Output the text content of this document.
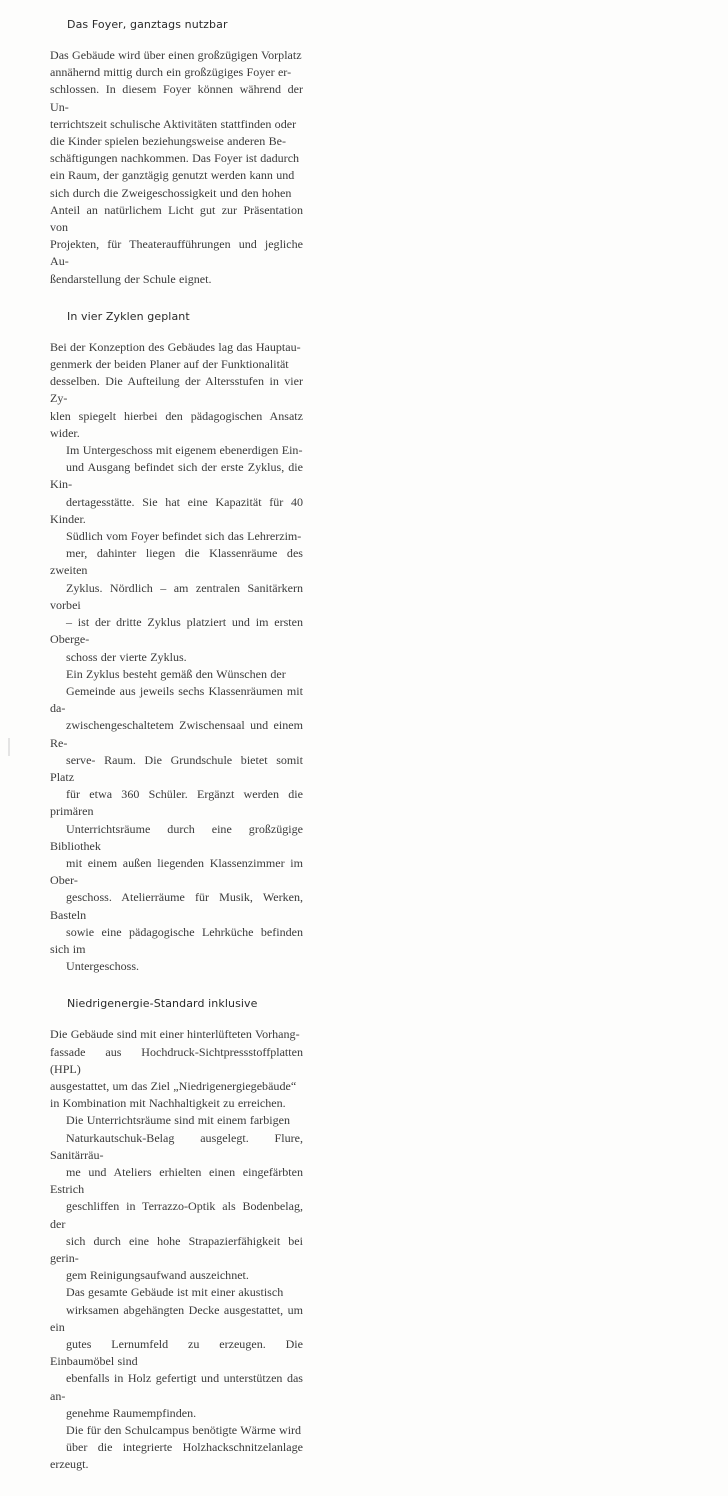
Das Foyer, ganztags nutzbar

Das Gebäude wird über einen großzügigen Vorplatz
annähernd mittig durch ein großzügiges Foyer er-
schlossen. In diesem Foyer können während der Un-
terrichtszeit schulische Aktivitäten stattfinden oder
die Kinder spielen beziehungsweise anderen Be-
schäftigungen nachkommen. Das Foyer ist dadurch
ein Raum, der ganztägig genutzt werden kann und
sich durch die Zweigeschossigkeit und den hohen
Anteil an natürlichem Licht gut zur Präsentation von
Projekten, für Theateraufführungen und jegliche Au-
ßendarstellung der Schule eignet.

In vier Zyklen geplant

Bei der Konzeption des Gebäudes lag das Hauptau-
genmerk der beiden Planer auf der Funktionalität
desselben. Die Aufteilung der Altersstufen in vier Zy-
klen spiegelt hierbei den pädagogischen Ansatz wider.

Im Untergeschoss mit eigenem ebenerdigen Ein-
und Ausgang befindet sich der erste Zyklus, die Kin-
dertagesstätte. Sie hat eine Kapazität für 40 Kinder.

Südlich vom Foyer befindet sich das Lehrerzim-
mer, dahinter liegen die Klassenräume des zweiten
Zyklus. Nördlich – am zentralen Sanitärkern vorbei
– ist der dritte Zyklus platziert und im ersten Oberge-
schoss der vierte Zyklus.

Ein Zyklus besteht gemäß den Wünschen der
Gemeinde aus jeweils sechs Klassenräumen mit da-
zwischengeschaltetem Zwischensaal und einem Re-
serve- Raum. Die Grundschule bietet somit Platz
für etwa 360 Schüler. Ergänzt werden die primären
Unterrichtsräume durch eine großzügige Bibliothek
mit einem außen liegenden Klassenzimmer im Ober-
geschoss. Atelierräume für Musik, Werken, Basteln
sowie eine pädagogische Lehrküche befinden sich im
Untergeschoss.

Niedrigenergie-Standard inklusive

Die Gebäude sind mit einer hinterlüfteten Vorhang-
fassade aus Hochdruck-Sichtpressstoffplatten (HPL)
ausgestattet, um das Ziel „Niedrigenergiegebäude“
in Kombination mit Nachhaltigkeit zu erreichen.

Die Unterrichtsräume sind mit einem farbigen
Naturkautschuk-Belag ausgelegt. Flure, Sanitärräu-
me und Ateliers erhielten einen eingefärbten Estrich
geschliffen in Terrazzo-Optik als Bodenbelag, der
sich durch eine hohe Strapazierfähigkeit bei gerin-
gem Reinigungsaufwand auszeichnet.

Das gesamte Gebäude ist mit einer akustisch
wirksamen abgehängten Decke ausgestattet, um ein
gutes Lernumfeld zu erzeugen. Die Einbaumöbel sind
ebenfalls in Holz gefertigt und unterstützen das an-
genehme Raumempfinden.

Die für den Schulcampus benötigte Wärme wird
über die integrierte Holzhackschnitzelanlage erzeugt.
